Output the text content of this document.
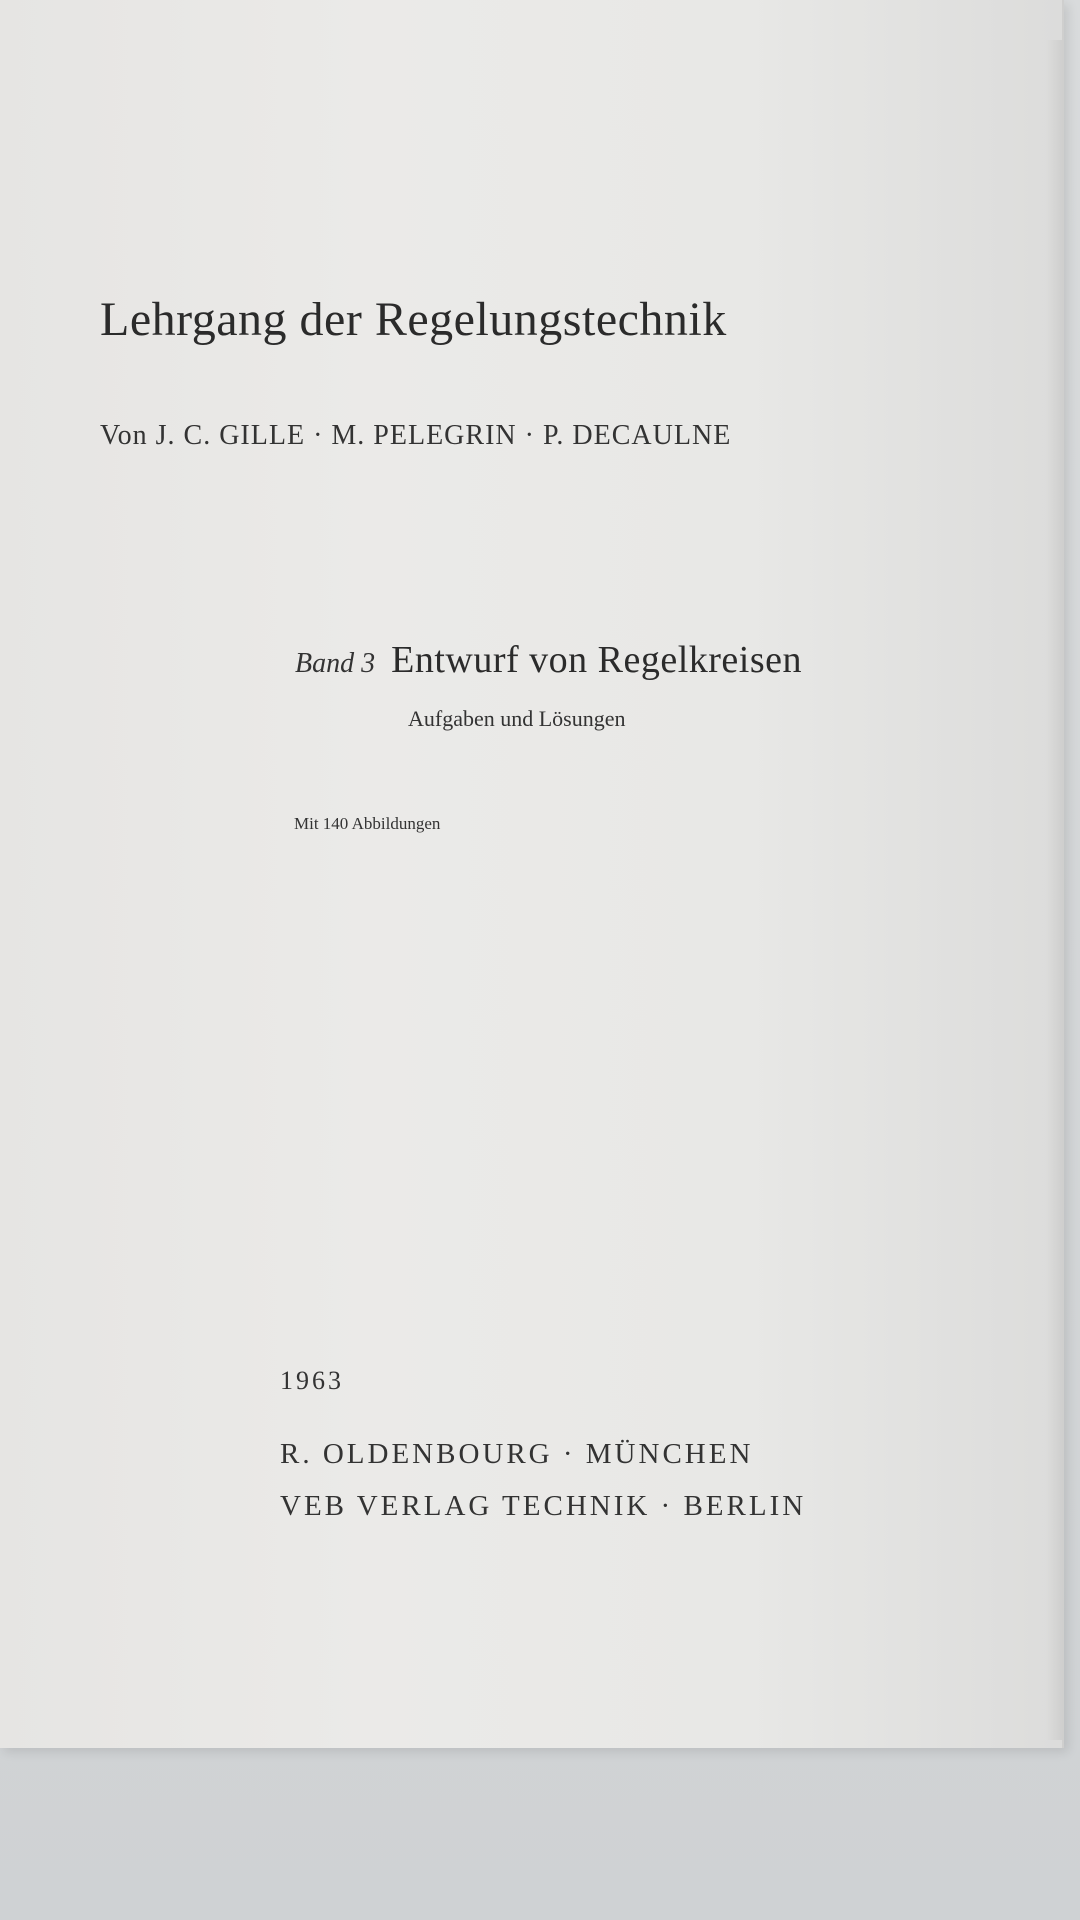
Lehrgang der Regelungstechnik
Von J. C. GILLE · M. PELEGRIN · P. DECAULNE
Band 3 Entwurf von Regelkreisen
Aufgaben und Lösungen
Mit 140 Abbildungen
1963
R. OLDENBOURG · MÜNCHEN
VEB VERLAG TECHNIK · BERLIN
